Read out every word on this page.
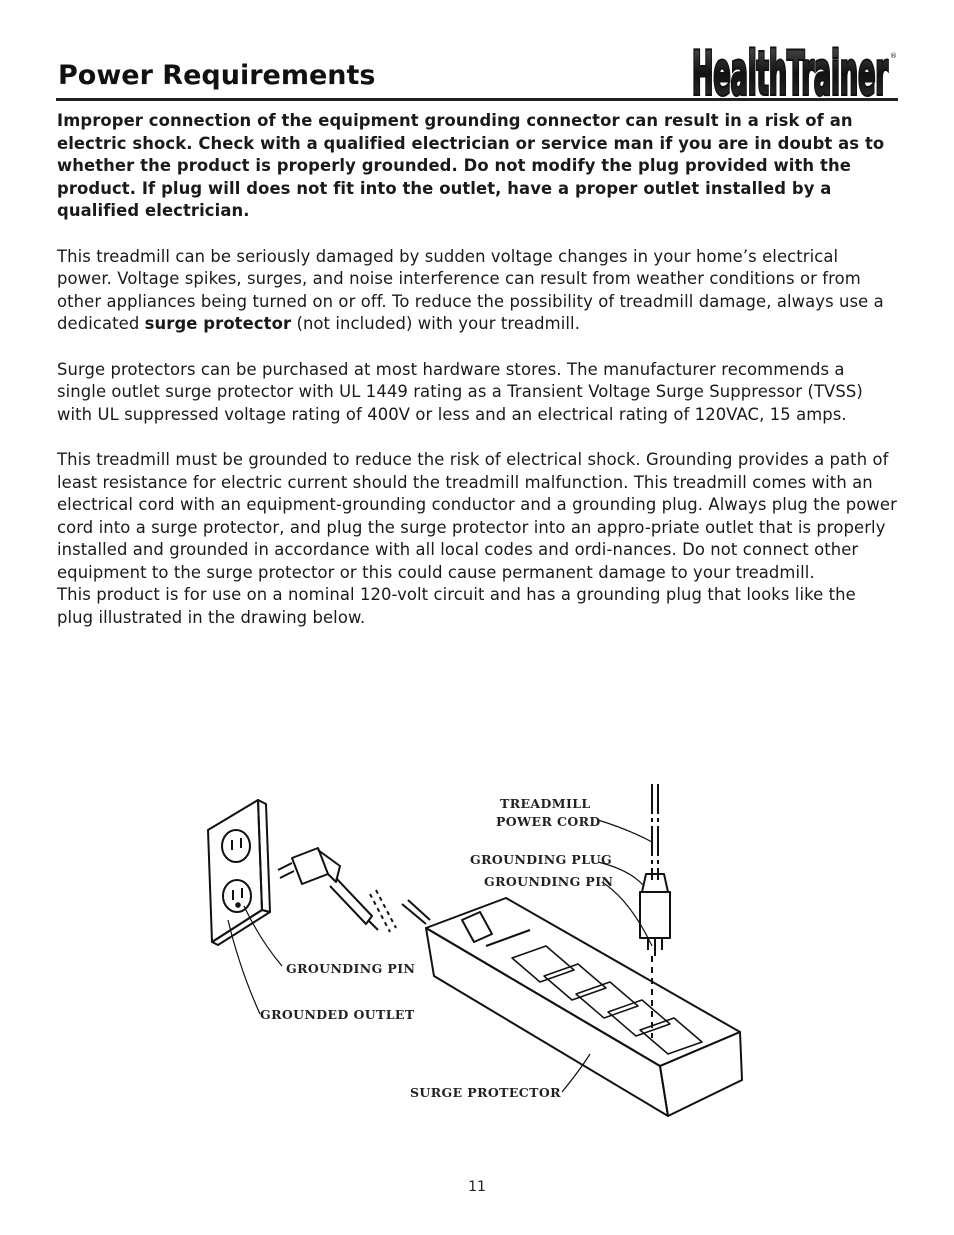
Power Requirements	HealthTrainer
HealthTrainer ®

Improper connection of the equipment grounding connector can result in a risk of an electric shock. Check with a qualified electrician or service man if you are in doubt as to whether the product is properly grounded. Do not modify the plug provided with the product. If plug will does not fit into the outlet, have a proper outlet installed by a qualified electrician.

This treadmill can be seriously damaged by sudden voltage changes in your home’s electrical power. Voltage spikes, surges, and noise interference can result from weather conditions or from other appliances being turned on or off. To reduce the possibility of treadmill damage, always use a dedicated surge protector (not included) with your treadmill.

Surge protectors can be purchased at most hardware stores. The manufacturer recommends a single outlet surge protector with UL 1449 rating as a Transient Voltage Surge Suppressor (TVSS) with UL suppressed voltage rating of 400V or less and an electrical rating of 120VAC, 15 amps.

This treadmill must be grounded to reduce the risk of electrical shock. Grounding provides a path of least resistance for electric current should the treadmill malfunction. This treadmill comes with an electrical cord with an equipment-grounding conductor and a grounding plug. Always plug the power cord into a surge protector, and plug the surge protector into an appro-priate outlet that is properly installed and grounded in accordance with all local codes and ordi-nances. Do not connect other equipment to the surge protector or this could cause permanent damage to your treadmill.

This product is for use on a nominal 120-volt circuit and has a grounding plug that looks like the plug illustrated in the drawing below.

TREADMILL
POWER CORD
GROUNDING PLUG
GROUNDING PIN
GROUNDING PIN
GROUNDED OUTLET
SURGE PROTECTOR
11
